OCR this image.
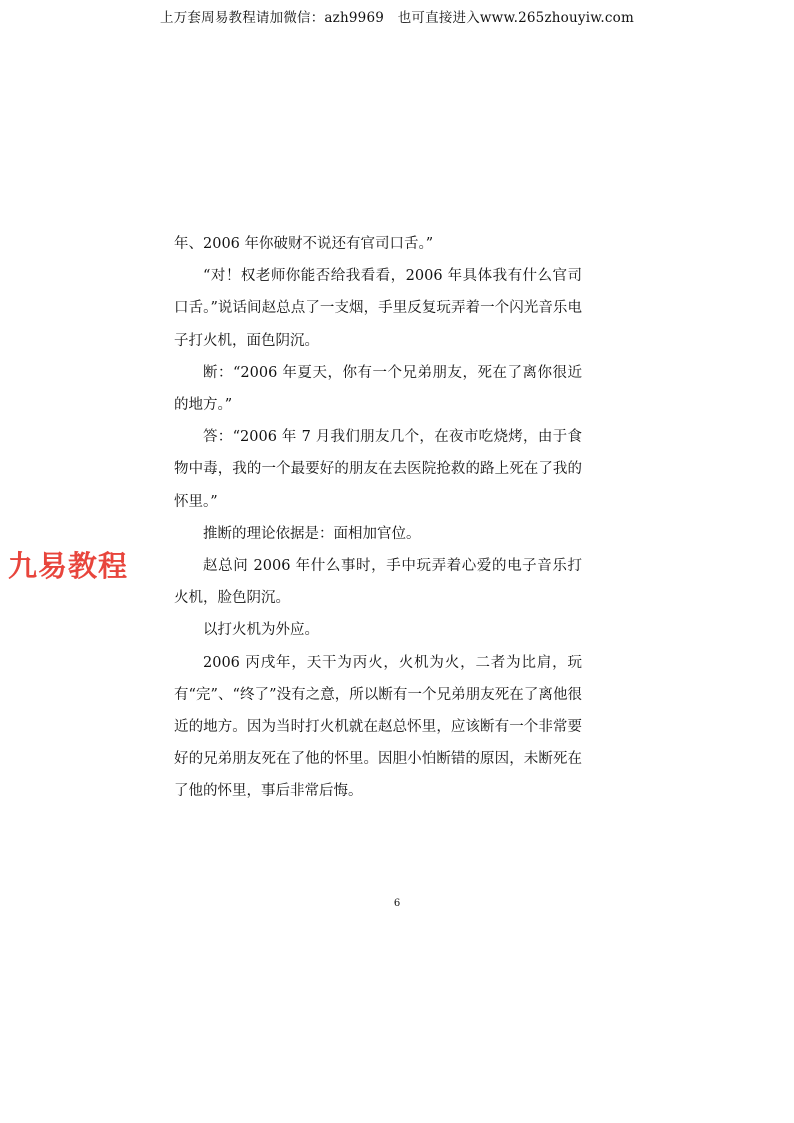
上万套周易教程请加微信：azh9969　也可直接进入www.265zhouyiw.com
九易教程

年、2006 年你破财不说还有官司口舌。”

“对！权老师你能否给我看看，2006 年具体我有什么官司口舌。”说话间赵总点了一支烟，手里反复玩弄着一个闪光音乐电子打火机，面色阴沉。

断：“2006 年夏天，你有一个兄弟朋友，死在了离你很近的地方。”

答：“2006 年 7 月我们朋友几个，在夜市吃烧烤，由于食物中毒，我的一个最要好的朋友在去医院抢救的路上死在了我的怀里。”

推断的理论依据是：面相加官位。

赵总问 2006 年什么事时，手中玩弄着心爱的电子音乐打火机，脸色阴沉。

以打火机为外应。

2006 丙戌年，天干为丙火，火机为火，二者为比肩，玩有“完”、“终了”没有之意，所以断有一个兄弟朋友死在了离他很近的地方。因为当时打火机就在赵总怀里，应该断有一个非常要好的兄弟朋友死在了他的怀里。因胆小怕断错的原因，未断死在了他的怀里，事后非常后悔。

6
